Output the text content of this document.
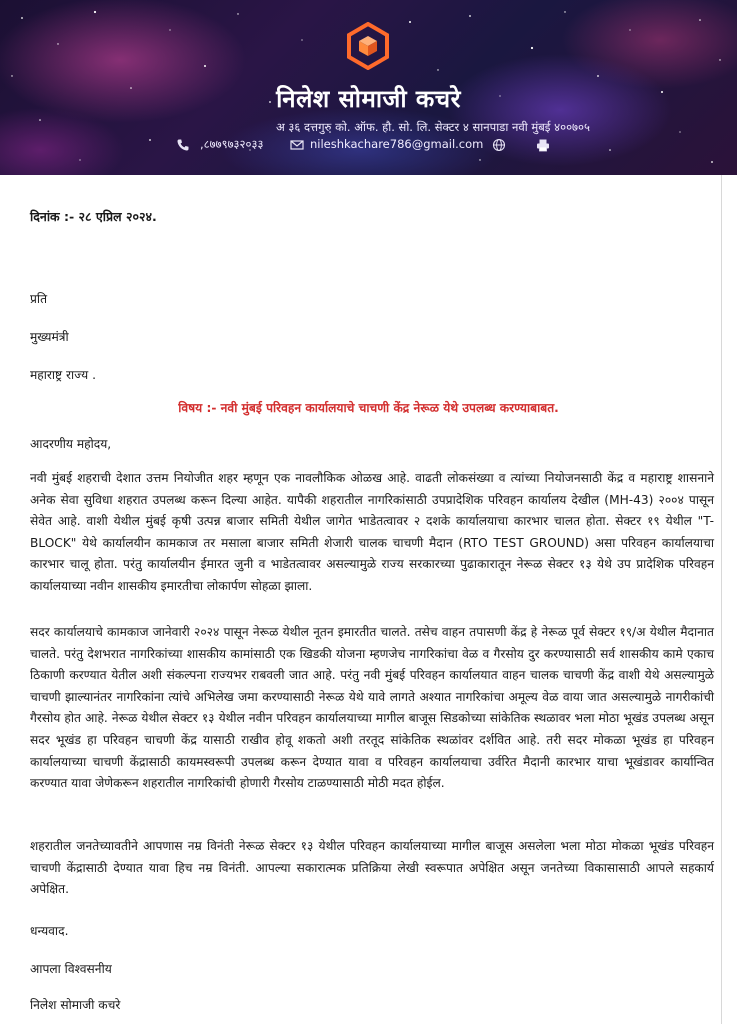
निलेश सोमाजी कचरे
अ ३६ दत्तगुरु को. ऑफ. हौ. सो. लि. सेक्टर ४ सानपाडा नवी मुंबई ४००७०५
,८७७९७३२०३३	nileshkachare786@gmail.com
दिनांक :- २८ एप्रिल २०२४.
प्रति
मुख्यमंत्री
महाराष्ट्र राज्य .
विषय :- नवी मुंबई परिवहन कार्यालयाचे चाचणी केंद्र नेरूळ येथे उपलब्ध करण्याबाबत.
आदरणीय महोदय,

नवी मुंबई शहराची देशात उत्तम नियोजीत शहर म्हणून एक नावलौकिक ओळख आहे. वाढती लोकसंख्या व त्यांच्या नियोजनसाठी केंद्र व महाराष्ट्र शासनाने अनेक सेवा सुविधा शहरात उपलब्ध करून दिल्या आहेत. यापैकी शहरातील नागरिकांसाठी उपप्रादेशिक परिवहन कार्यालय देखील (MH-43) २००४ पासून सेवेत आहे. वाशी येथील मुंबई कृषी उत्पन्न बाजार समिती येथील जागेत भाडेतत्वावर २ दशके कार्यालयाचा कारभार चालत होता. सेक्टर १९ येथील "T- BLOCK" येथे कार्यालयीन कामकाज तर मसाला बाजार समिती शेजारी चालक चाचणी मैदान (RTO TEST GROUND) असा परिवहन कार्यालयाचा कारभार चालू होता. परंतु कार्यालयीन ईमारत जुनी व भाडेतत्वावर असल्यामुळे राज्य सरकारच्या पुढाकारातून नेरूळ सेक्टर १३ येथे उप प्रादेशिक परिवहन कार्यालयाच्या नवीन शासकीय इमारतीचा लोकार्पण सोहळा झाला.

सदर कार्यालयाचे कामकाज जानेवारी २०२४ पासून नेरूळ येथील नूतन इमारतीत चालते. तसेच वाहन तपासणी केंद्र हे नेरूळ पूर्व सेक्टर १९/अ येथील मैदानात चालते. परंतु देशभरात नागरिकांच्या शासकीय कामांसाठी एक खिडकी योजना म्हणजेच नागरिकांचा वेळ व गैरसोय दुर करण्यासाठी सर्व शासकीय कामे एकाच ठिकाणी करण्यात येतील अशी संकल्पना राज्यभर राबवली जात आहे. परंतु नवी मुंबई परिवहन कार्यालयात वाहन चालक चाचणी केंद्र वाशी येथे असल्यामुळे चाचणी झाल्यानंतर नागरिकांना त्यांचे अभिलेख जमा करण्यासाठी नेरूळ येथे यावे लागते अश्यात नागरिकांचा अमूल्य वेळ वाया जात असल्यामुळे नागरीकांची गैरसोय होत आहे. नेरूळ येथील सेक्टर १३ येथील नवीन परिवहन कार्यालयाच्या मागील बाजूस सिडकोच्या सांकेतिक स्थळावर भला मोठा भूखंड उपलब्ध असून सदर भूखंड हा परिवहन चाचणी केंद्र यासाठी राखीव होवू शकतो अशी तरतूद सांकेतिक स्थळांवर दर्शवित आहे. तरी सदर मोकळा भूखंड हा परिवहन कार्यालयाच्या चाचणी केंद्रासाठी कायमस्वरूपी उपलब्ध करून देण्यात यावा व परिवहन कार्यालयाचा उर्वरित मैदानी कारभार याचा भूखंडावर कार्यान्वित करण्यात यावा जेणेकरून शहरातील नागरिकांची होणारी गैरसोय टाळण्यासाठी मोठी मदत होईल.

शहरातील जनतेच्यावतीने आपणास नम्र विनंती नेरूळ सेक्टर १३ येथील परिवहन कार्यालयाच्या मागील बाजूस असलेला भला मोठा मोकळा भूखंड परिवहन चाचणी केंद्रासाठी देण्यात यावा हिच नम्र विनंती. आपल्या सकारात्मक प्रतिक्रिया लेखी स्वरूपात अपेक्षित असून जनतेच्या विकासासाठी आपले सहकार्य अपेक्षित.

धन्यवाद.
आपला विश्वसनीय
निलेश सोमाजी कचरे
